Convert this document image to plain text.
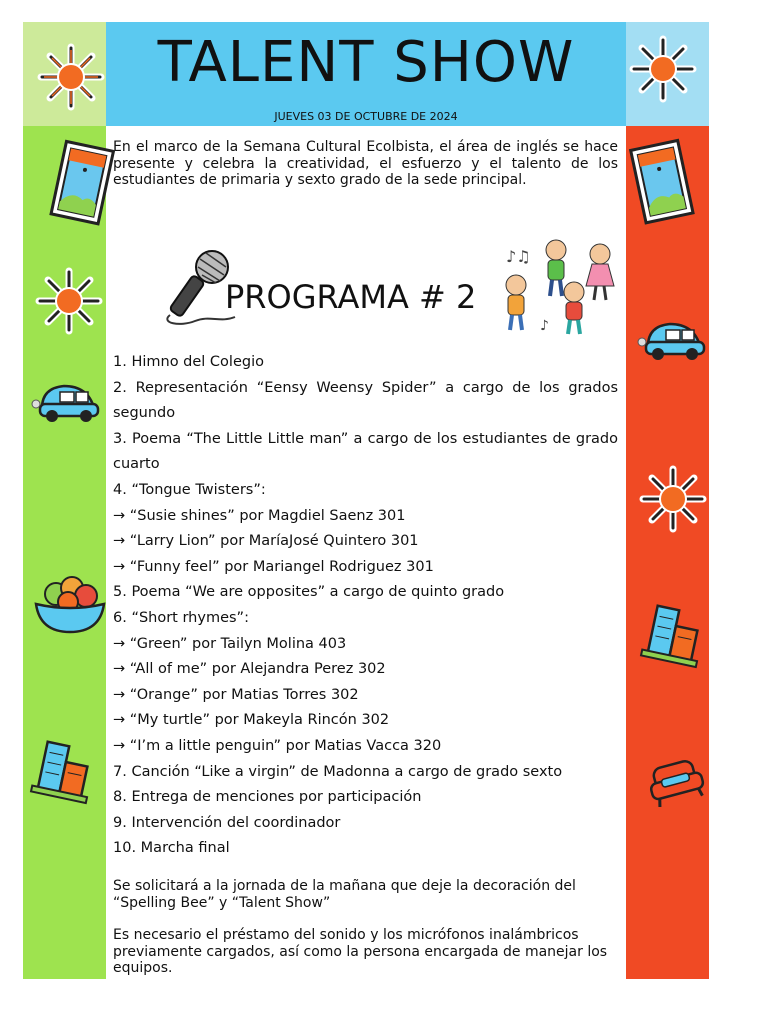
TALENT SHOW
JUEVES 03 DE OCTUBRE DE 2024

En el marco de la Semana Cultural Ecolbista, el área de inglés se hace presente y celebra la creatividad, el esfuerzo y el talento de los estudiantes de primaria y sexto grado de la sede principal.

PROGRAMA # 2
♪♫
♪
1. Himno del Colegio
2. Representación “Eensy Weensy Spider” a cargo de los grados segundo
3. Poema “The Little Little man” a cargo de los estudiantes de grado cuarto
4. “Tongue Twisters”:
→ “Susie shines” por Magdiel Saenz 301
→ “Larry Lion” por MaríaJosé Quintero 301
→ “Funny feel” por Mariangel Rodriguez 301
5. Poema “We are opposites” a cargo de quinto grado
6. “Short rhymes”:
→ “Green” por Tailyn Molina 403
→ “All of me” por Alejandra Perez 302
→ “Orange” por Matias Torres 302
→ “My turtle” por Makeyla Rincón 302
→ “I’m a little penguin” por Matias Vacca 320
7. Canción “Like a virgin” de Madonna a cargo de grado sexto
8. Entrega de menciones por participación
9. Intervención del coordinador
10. Marcha final

Se solicitará a la jornada de la mañana que deje la decoración del “Spelling Bee” y “Talent Show”

Es necesario el préstamo del sonido y los micrófonos inalámbricos previamente cargados, así como la persona encargada de manejar los equipos.
